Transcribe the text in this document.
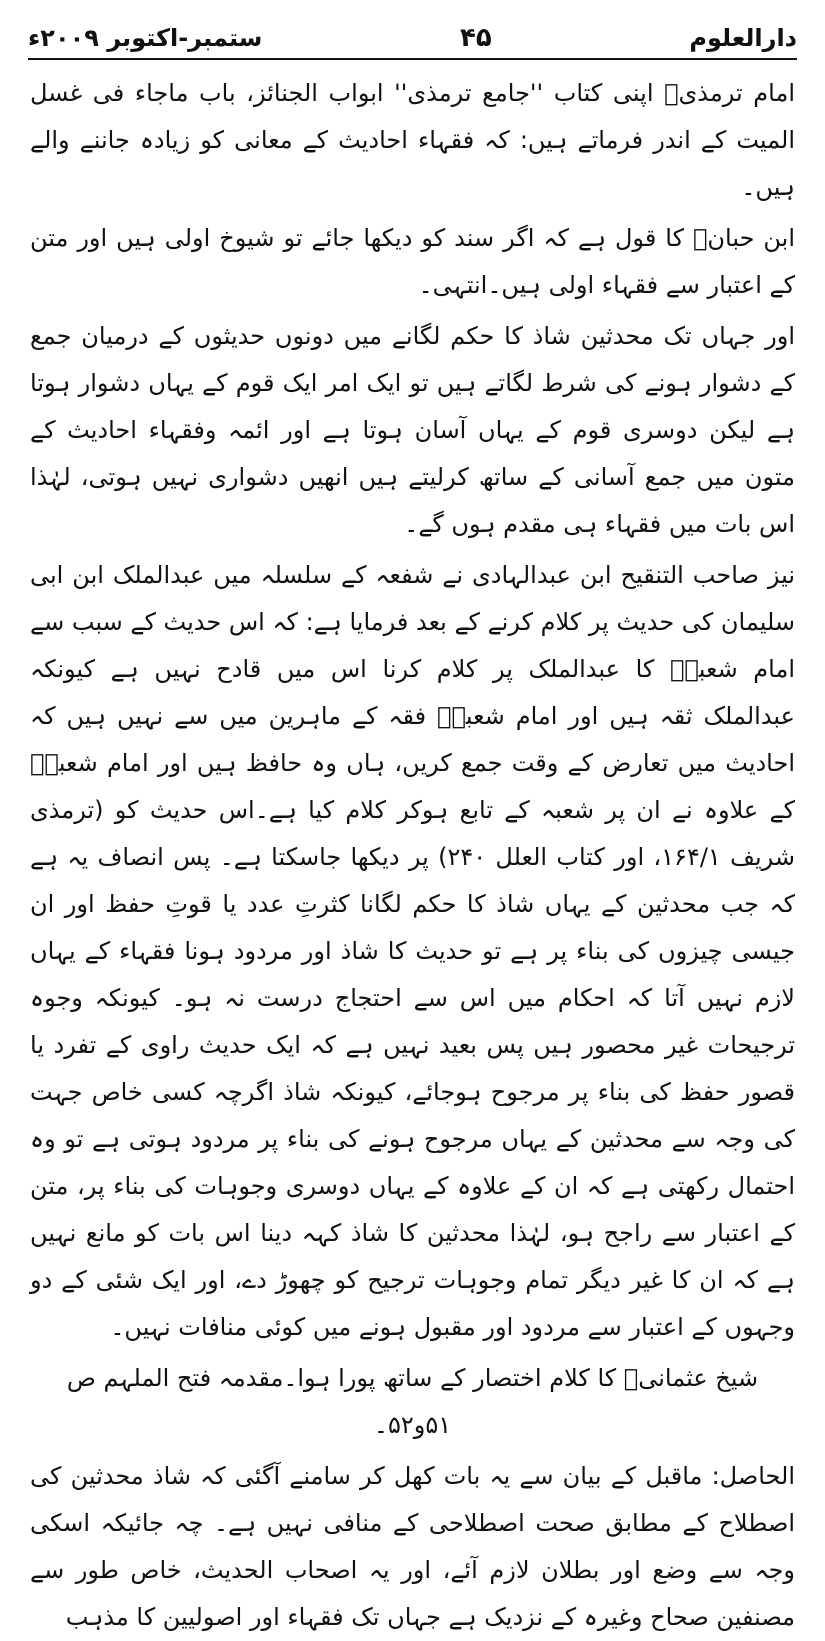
دارالعلوم
۴۵
ستمبر-اکتوبر ۲۰۰۹ء

امام ترمذیؒ اپنی کتاب ''جامع ترمذی'' ابواب الجنائز، باب ماجاء فی غسل المیت کے اندر فرماتے ہیں: کہ فقہاء احادیث کے معانی کو زیادہ جاننے والے ہیں۔

ابن حبانؒ کا قول ہے کہ اگر سند کو دیکھا جائے تو شیوخ اولی ہیں اور متن کے اعتبار سے فقہاء اولی ہیں۔انتہی۔

اور جہاں تک محدثین شاذ کا حکم لگانے میں دونوں حدیثوں کے درمیان جمع کے دشوار ہونے کی شرط لگاتے ہیں تو ایک امر ایک قوم کے یہاں دشوار ہوتا ہے لیکن دوسری قوم کے یہاں آسان ہوتا ہے اور ائمہ وفقہاء احادیث کے متون میں جمع آسانی کے ساتھ کرلیتے ہیں انھیں دشواری نہیں ہوتی، لہٰذا اس بات میں فقہاء ہی مقدم ہوں گے۔

نیز صاحب التنقیح ابن عبدالہادی نے شفعہ کے سلسلہ میں عبدالملک ابن ابی سلیمان کی حدیث پر کلام کرنے کے بعد فرمایا ہے: کہ اس حدیث کے سبب سے امام شعبہؒ کا عبدالملک پر کلام کرنا اس میں قادح نہیں ہے کیونکہ عبدالملک ثقہ ہیں اور امام شعبہؒ فقہ کے ماہرین میں سے نہیں ہیں کہ احادیث میں تعارض کے وقت جمع کریں، ہاں وہ حافظ ہیں اور امام شعبہؒ کے علاوہ نے ان پر شعبہ کے تابع ہوکر کلام کیا ہے۔اس حدیث کو (ترمذی شریف ۱۶۴/۱، اور کتاب العلل ۲۴۰) پر دیکھا جاسکتا ہے۔ پس انصاف یہ ہے کہ جب محدثین کے یہاں شاذ کا حکم لگانا کثرتِ عدد یا قوتِ حفظ اور ان جیسی چیزوں کی بناء پر ہے تو حدیث کا شاذ اور مردود ہونا فقہاء کے یہاں لازم نہیں آتا کہ احکام میں اس سے احتجاج درست نہ ہو۔ کیونکہ وجوہ ترجیحات غیر محصور ہیں پس بعید نہیں ہے کہ ایک حدیث راوی کے تفرد یا قصور حفظ کی بناء پر مرجوح ہوجائے، کیونکہ شاذ اگرچہ کسی خاص جہت کی وجہ سے محدثین کے یہاں مرجوح ہونے کی بناء پر مردود ہوتی ہے تو وہ احتمال رکھتی ہے کہ ان کے علاوہ کے یہاں دوسری وجوہات کی بناء پر، متن کے اعتبار سے راجح ہو، لہٰذا محدثین کا شاذ کہہ دینا اس بات کو مانع نہیں ہے کہ ان کا غیر دیگر تمام وجوہات ترجیح کو چھوڑ دے، اور ایک شئی کے دو وجہوں کے اعتبار سے مردود اور مقبول ہونے میں کوئی منافات نہیں۔

شیخ عثمانیؒ کا کلام اختصار کے ساتھ پورا ہوا۔مقدمہ فتح الملہم ص ۵۱و۵۲۔

الحاصل: ماقبل کے بیان سے یہ بات کھل کر سامنے آگئی کہ شاذ محدثین کی اصطلاح کے مطابق صحت اصطلاحی کے منافی نہیں ہے۔ چہ جائیکہ اسکی وجہ سے وضع اور بطلان لازم آئے، اور یہ اصحاب الحدیث، خاص طور سے مصنفین صحاح وغیرہ کے نزدیک ہے جہاں تک فقہاء اور اصولیین کا مذہب
